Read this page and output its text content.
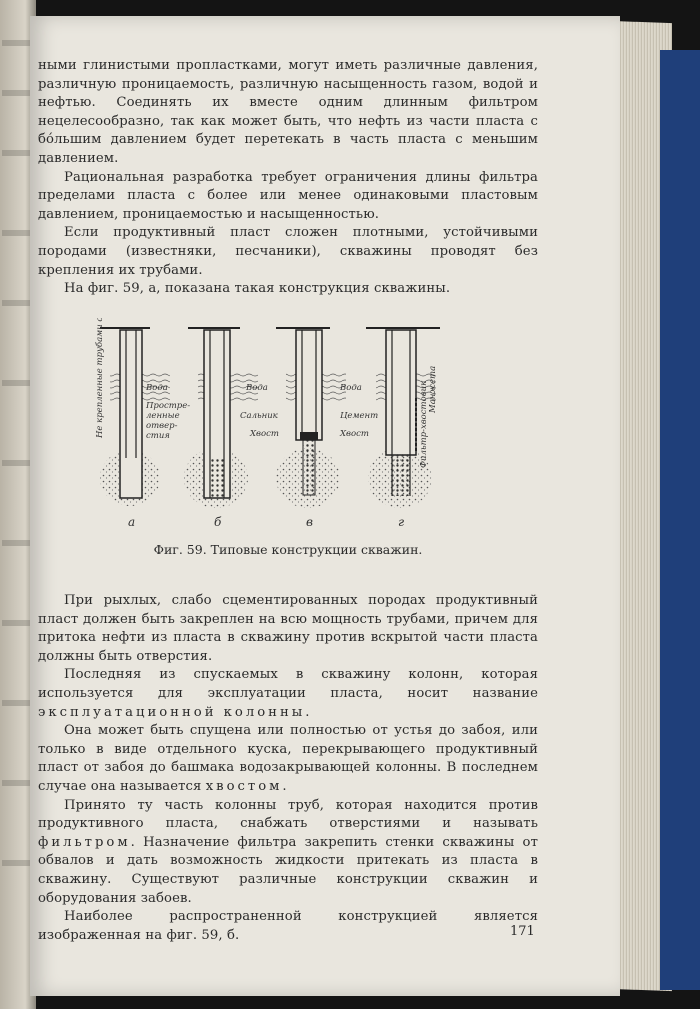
ными глинистыми пропластками, могут иметь различные давления, различную проницаемость, различную насыщенность газом, водой и нефтью. Соединять их вместе одним длинным фильтром нецелесообразно, так как может быть, что нефть из части пласта с бо́льшим давлением будет перетекать в часть пласта с меньшим давлением.

Рациональная разработка требует ограничения длины фильтра пределами пласта с более или менее одинаковыми пластовым давлением, проницаемостью и насыщенностью.

Если продуктивный пласт сложен плотными, устойчивыми породами (известняки, песчаники), скважины проводят без крепления их трубами.

На фиг. 59, а, показана такая конструкция скважины.

Не крепленные трубами стволы	Манжета
Фильтр-хвостовик
Вода
Простре-
ленные
отвер-
стия
Вода
Сальник
Хвост
Вода
Цемент
Хвост
а	б	в	г
Фиг. 59. Типовые конструкции скважин.

При рыхлых, слабо сцементированных породах продуктивный пласт должен быть закреплен на всю мощность трубами, причем для притока нефти из пласта в скважину против вскрытой части пласта должны быть отверстия.

Последняя из спускаемых в скважину колонн, которая используется для эксплуатации пласта, носит название эксплуатационной колонны.

Она может быть спущена или полностью от устья до забоя, или только в виде отдельного куска, перекрывающего продуктивный пласт от забоя до башмака водозакрывающей колонны. В последнем случае она называется хвостом.

Принято ту часть колонны труб, которая находится против продуктивного пласта, снабжать отверстиями и называть фильтром. Назначение фильтра закрепить стенки скважины от обвалов и дать возможность жидкости притекать из пласта в скважину. Существуют различные конструкции скважин и оборудования забоев.

Наиболее распространенной конструкцией является изображенная на фиг. 59, б.	171
